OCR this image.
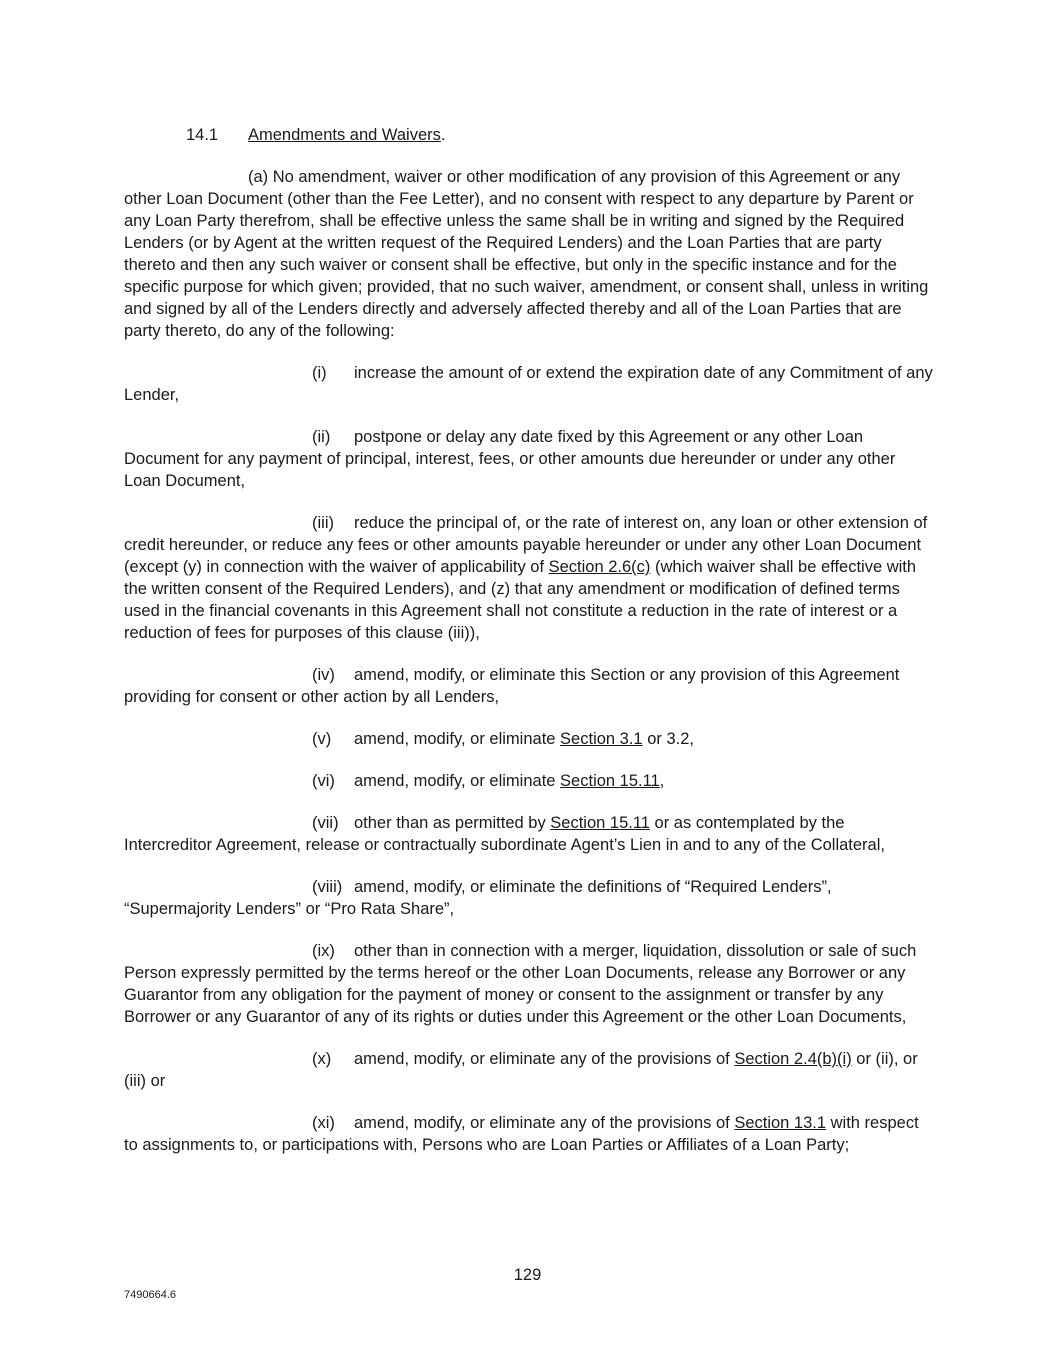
14.1 Amendments and Waivers.

(a) No amendment, waiver or other modification of any provision of this Agreement or any other Loan Document (other than the Fee Letter), and no consent with respect to any departure by Parent or any Loan Party therefrom, shall be effective unless the same shall be in writing and signed by the Required Lenders (or by Agent at the written request of the Required Lenders) and the Loan Parties that are party thereto and then any such waiver or consent shall be effective, but only in the specific instance and for the specific purpose for which given; provided, that no such waiver, amendment, or consent shall, unless in writing and signed by all of the Lenders directly and adversely affected thereby and all of the Loan Parties that are party thereto, do any of the following:

(i) increase the amount of or extend the expiration date of any Commitment of any Lender,

(ii) postpone or delay any date fixed by this Agreement or any other Loan Document for any payment of principal, interest, fees, or other amounts due hereunder or under any other Loan Document,

(iii) reduce the principal of, or the rate of interest on, any loan or other extension of credit hereunder, or reduce any fees or other amounts payable hereunder or under any other Loan Document (except (y) in connection with the waiver of applicability of Section 2.6(c) (which waiver shall be effective with the written consent of the Required Lenders), and (z) that any amendment or modification of defined terms used in the financial covenants in this Agreement shall not constitute a reduction in the rate of interest or a reduction of fees for purposes of this clause (iii)),

(iv) amend, modify, or eliminate this Section or any provision of this Agreement providing for consent or other action by all Lenders,

(v) amend, modify, or eliminate Section 3.1 or 3.2,

(vi) amend, modify, or eliminate Section 15.11,

(vii) other than as permitted by Section 15.11 or as contemplated by the Intercreditor Agreement, release or contractually subordinate Agent’s Lien in and to any of the Collateral,

(viii) amend, modify, or eliminate the definitions of “Required Lenders”, “Supermajority Lenders” or “Pro Rata Share”,

(ix) other than in connection with a merger, liquidation, dissolution or sale of such Person expressly permitted by the terms hereof or the other Loan Documents, release any Borrower or any Guarantor from any obligation for the payment of money or consent to the assignment or transfer by any Borrower or any Guarantor of any of its rights or duties under this Agreement or the other Loan Documents,

(x) amend, modify, or eliminate any of the provisions of Section 2.4(b)(i) or (ii), or (iii) or

(xi) amend, modify, or eliminate any of the provisions of Section 13.1 with respect to assignments to, or participations with, Persons who are Loan Parties or Affiliates of a Loan Party;

129
7490664.6
